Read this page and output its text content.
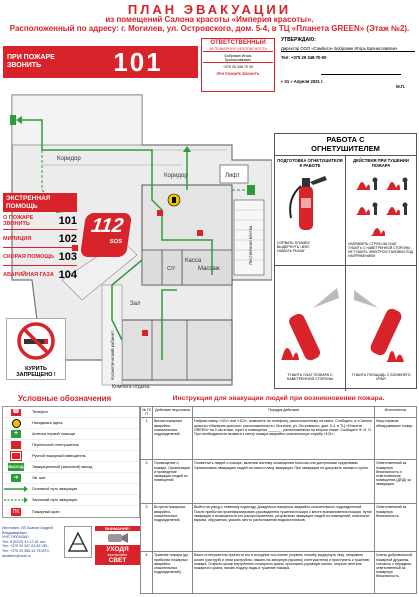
ПЛАН ЭВАКУАЦИИ
из помещений Салона красоты «Империя красоты».
Расположенный по адресу: г. Могилев, ул. Островского, дом. 5-4, в ТЦ «Планета GREEN» (Этаж №2).
ПРИ ПОЖАРЕ ЗВОНИТЬ	101
ОТВЕТСТВЕННЫЙ
ЗА ПОЖАРНУЮ БЕЗОПАСНОСТЬ
Бобровин Игорь
Брониславович
+375 29 348 70 00
ПРИ ПОЖАРЕ ЗВОНИТЬ
УТВЕРЖДАЮ:
Директор ООО «Самбита» Бобровин Игорь Брониславович
Тел: +375 29 348-70-00
« 01 » Апреля 2021 г.
М.П.
Коридор
Коридор	Лифт
Лестничная клетка
Касса
С/У	Массаж
Зал
Косметический кабинет
Комната отдыха
ЭКСТРЕННАЯ ПОМОЩЬ
О ПОЖАРЕ ЗВОНИТЬ	101
МИЛИЦИЯ	102
СКОРАЯ ПОМОЩЬ 103
АВАРИЙНАЯ ГАЗА 104
112
SOS
КУРИТЬ ЗАПРЕЩЕНО !
РАБОТА С ОГНЕТУШИТЕЛЕМ
ПОДГОТОВКА ОГНЕТУШИТЕЛЯ К РАБОТЕ
СОРВАТЬ ПЛОМБУ
ВЫДЕРНУТЬ ЧЕКУ
НАЖАТЬ РЫЧАГ
ДЕЙСТВИЯ ПРИ ТУШЕНИИ ПОЖАРА
НАПРАВИТЬ СТРУЮ НА ОЧАГ
ТУШИТЬ С НАВЕТРЕННОЙ СТОРОНЫ
НЕ ТУШИТЬ ЭЛЕКТРОУСТАНОВКИ ПОД НАПРЯЖЕНИЕМ
ТУШИТЬ ОЧАГ ПОЖАРА С НАВЕТРЕННОЙ СТОРОНЫ
ТУШИТЬ ПЛОЩАДЬ С БЛИЖНЕГО КРАЯ
Условные обозначения
☎	Телефон
Находимся здесь
+	Аптечка первой помощи
Переносной огнетушитель
Ручной пожарный извещатель
ВЫХОД	Эвакуационный (запасный) выход
➜	Эв. шит
Основной путь эвакуации
Запасный путь эвакуации
ПК	Пожарный кран
Изготовил: ИП Асанин Андрей Владимирович
УНП 790015360
Тел: 8 (0222) 41-47-61 тел.
Тел: +375 29 347-03-83 VEL.
Тел: +375 33 365-19-78 МТС.
akdiseen@mail.ru
ВНИМАНИЕ!
УХОДЯ
выключайте
СВЕТ
Инструкция для эвакуации людей при возникновении пожара.
№ П/П	Действие персонала	Порядок действия	Исполнитель
1	Вызов пожарных аварийно-спасательных подразделений.	Набрав номер «101» или «112», позвонить по телефону, расположенному на кассе. Сообщить, в «Салоне красоты «Империя красоты» расположенном в г. Могилев, ул. Островского, дом. 5-4, в ТЦ «Планета GREEN» на 2-ом этаже, горит в помещении ______ , расположенном на втором этаже. Сообщите Ф. И. О. При необходимости вызвать к месту пожара аварийно-спасательную службу «101».	Лицо первым обнаружившее пожар.
2	Оповещение о пожаре. Организация и проведение эвакуации людей из помещений.	Оповестить людей о пожаре, включив систему оповещения голосом или доступными средствами. Организовать эвакуацию людей согласно плану эвакуации. При эвакуации не допускать паники и суеты.	Ответственный за пожарную безопасность и ответственные помещения (ДПД) за эвакуацию.
3	Встреча пожарных аварийно-спасательных подразделений.	Выйти на улицу к главному подъезду. Дождаться пожарных аварийно-спасательных подразделений. После прибытия проинформировать руководителя тушения пожара о месте возникновения пожара, путях эвакуации и возможности его распространения, результатах эвакуации людей из помещений, опасности взрыва, обрушения, указать место расположения водоисточников.	Ответственный за пожарную безопасность.
4	Тушение пожара (до прибытия пожарных аварийно-спасательных подразделений).	Взять огнетушитель принести его в исходное состояние (сорвать пломбу, выдернуть чеку, направить шланг (раструб) и этим раструбом, нажать на запорную рукоятку огнетушителя) и приступить к тушению пожара. Открыть шкаф внутреннего пожарного крана, проложить рукавную линию, открыть вентиль пожарного крана, начать подачу воды и тушение пожара.	Члены добровольной пожарной дружины, согласно с порядком, ответственный за пожарную безопасность.
